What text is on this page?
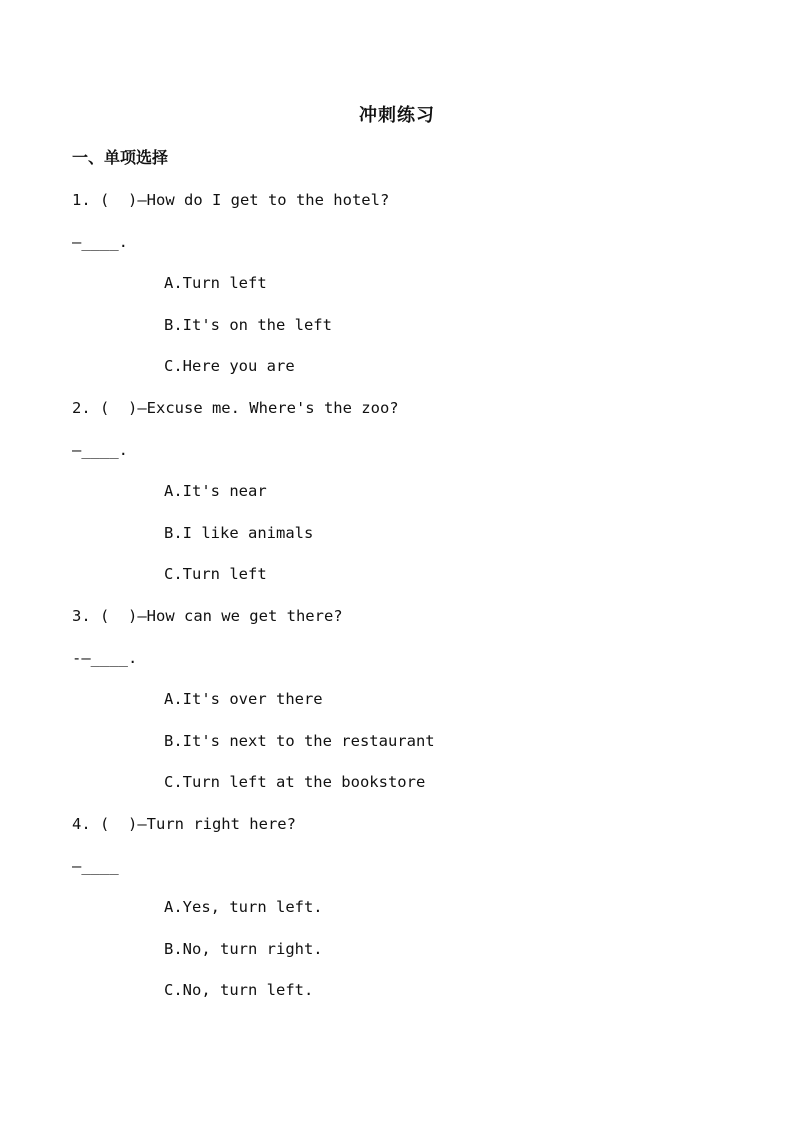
冲刺练习
一、单项选择
1. (  )—How do I get to the hotel?
—____.
A.Turn left
B.It's on the left
C.Here you are
2. (  )—Excuse me. Where's the zoo?
—____.
A.It's near
B.I like animals
C.Turn left
3. (  )—How can we get there?
-—____.
A.It's over there
B.It's next to the restaurant
C.Turn left at the bookstore
4. (  )—Turn right here?
—____
A.Yes, turn left.
B.No, turn right.
C.No, turn left.
